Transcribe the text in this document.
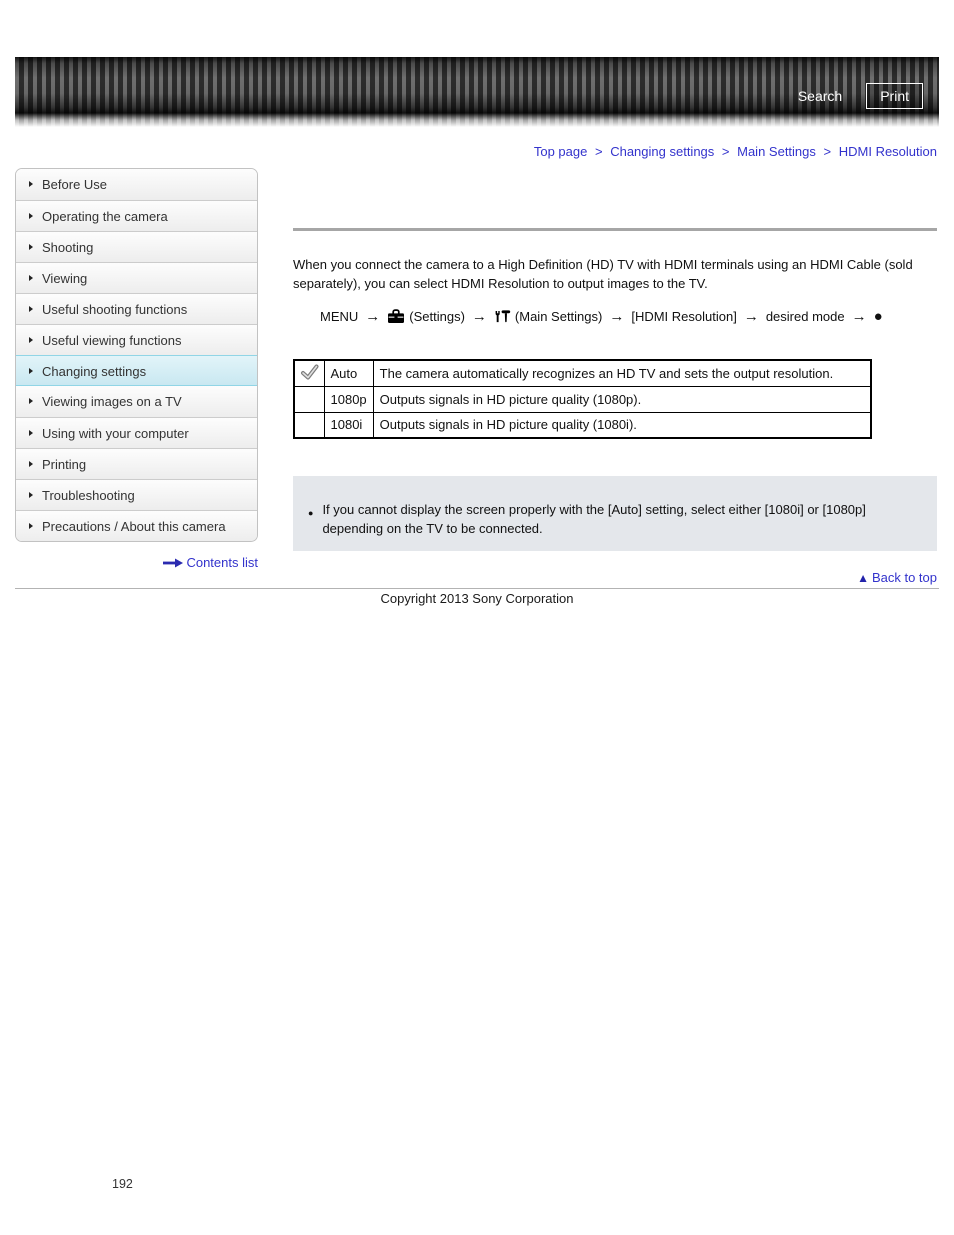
Search	Print
Top page > Changing settings > Main Settings > HDMI Resolution
Before Use
Operating the camera
Shooting
Viewing
Useful shooting functions
Useful viewing functions
Changing settings
Viewing images on a TV
Using with your computer
Printing
Troubleshooting
Precautions / About this camera
Contents list

When you connect the camera to a High Definition (HD) TV with HDMI terminals using an HDMI Cable (sold separately), you can select HDMI Resolution to output images to the TV.

MENU →	(Settings) →	(Main Settings) → [HDMI Resolution] → desired mode → ●
	Auto	The camera automatically recognizes an HD TV and sets the output resolution.
	1080p	Outputs signals in HD picture quality (1080p).
	1080i	Outputs signals in HD picture quality (1080i).
● If you cannot display the screen properly with the [Auto] setting, select either [1080i] or [1080p] depending on the TV to be connected.
▲ Back to top
Copyright 2013 Sony Corporation
192
